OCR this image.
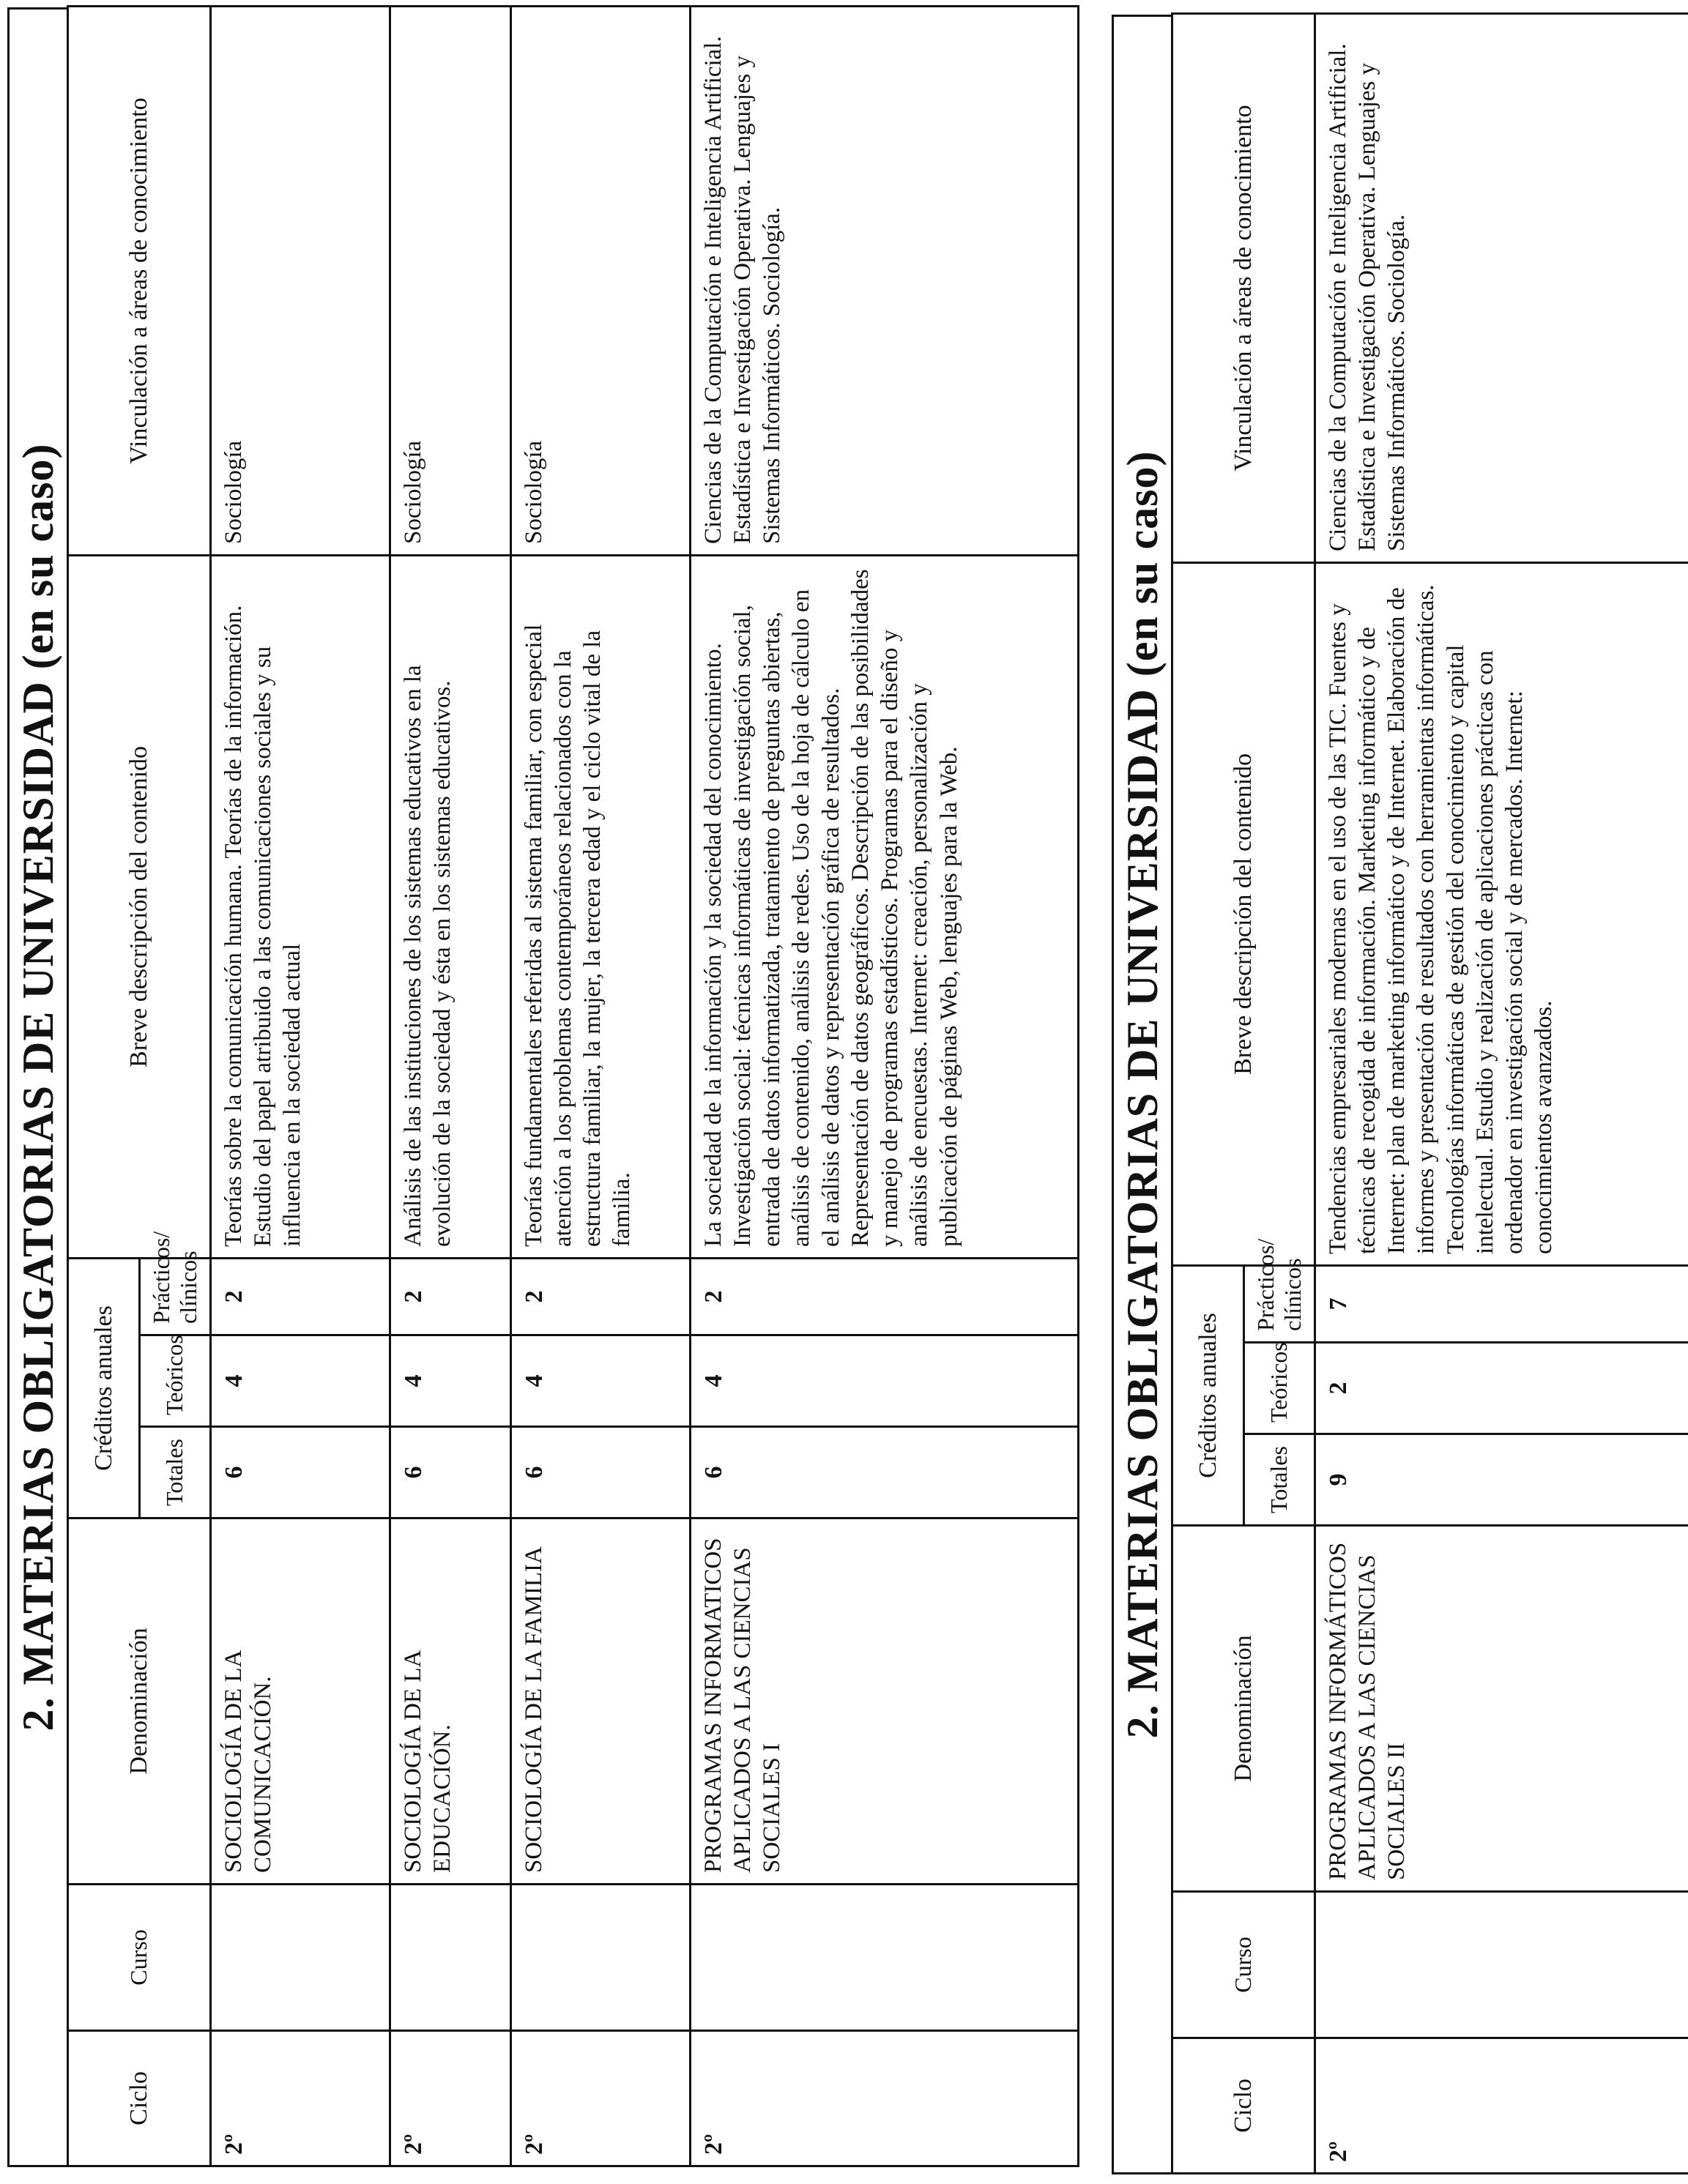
2. MATERIAS OBLIGATORIAS DE UNIVERSIDAD (en su caso)
Ciclo	Curso	Denominación	Créditos anuales			Breve descripción del contenido	Vinculación a áreas de conocimiento
			Totales	Teóricos	Prácticos/ clínicos		
2º		SOCIOLOGÍA DE LA COMUNICACIÓN.	6	4	2	Teorías sobre la comunicación humana. Teorías de la información. Estudio del papel atribuido a las comunicaciones sociales y su influencia en la sociedad actual	Sociología
2º		SOCIOLOGÍA DE LA EDUCACIÓN.	6	4	2	Análisis de las instituciones de los sistemas educativos en la evolución de la sociedad y ésta en los sistemas educativos.	Sociología
2º		SOCIOLOGÍA DE LA FAMILIA	6	4	2	Teorías fundamentales referidas al sistema familiar, con especial atención a los problemas contemporáneos relacionados con la estructura familiar, la mujer, la tercera edad y el ciclo vital de la familia.	Sociología
2º		PROGRAMAS INFORMATICOS APLICADOS A LAS CIENCIAS SOCIALES I	6	4	2	La sociedad de la información y la sociedad del conocimiento. Investigación social: técnicas informáticas de investigación social, entrada de datos informatizada, tratamiento de preguntas abiertas, análisis de contenido, análisis de redes. Uso de la hoja de cálculo en el análisis de datos y representación gráfica de resultados. Representación de datos geográficos. Descripción de las posibilidades y manejo de programas estadísticos. Programas para el diseño y análisis de encuestas. Internet: creación, personalización y publicación de páginas Web, lenguajes para la Web.	Ciencias de la Computación e Inteligencia Artificial. Estadística e Investigación Operativa. Lenguajes y Sistemas Informáticos. Sociología.
2. MATERIAS OBLIGATORIAS DE UNIVERSIDAD (en su caso)
Ciclo	Curso	Denominación	Créditos anuales			Breve descripción del contenido	Vinculación a áreas de conocimiento
			Totales	Teóricos	Prácticos/ clínicos		
2º		PROGRAMAS INFORMÁTICOS APLICADOS A LAS CIENCIAS SOCIALES II	9	2	7	Tendencias empresariales modernas en el uso de las TIC. Fuentes y técnicas de recogida de información. Marketing informático y de Internet: plan de marketing informático y de Internet. Elaboración de informes y presentación de resultados con herramientas informáticas. Tecnologías informáticas de gestión del conocimiento y capital intelectual. Estudio y realización de aplicaciones prácticas con ordenador en investigación social y de mercados. Internet: conocimientos avanzados.	Ciencias de la Computación e Inteligencia Artificial. Estadística e Investigación Operativa. Lenguajes y Sistemas Informáticos. Sociología.
